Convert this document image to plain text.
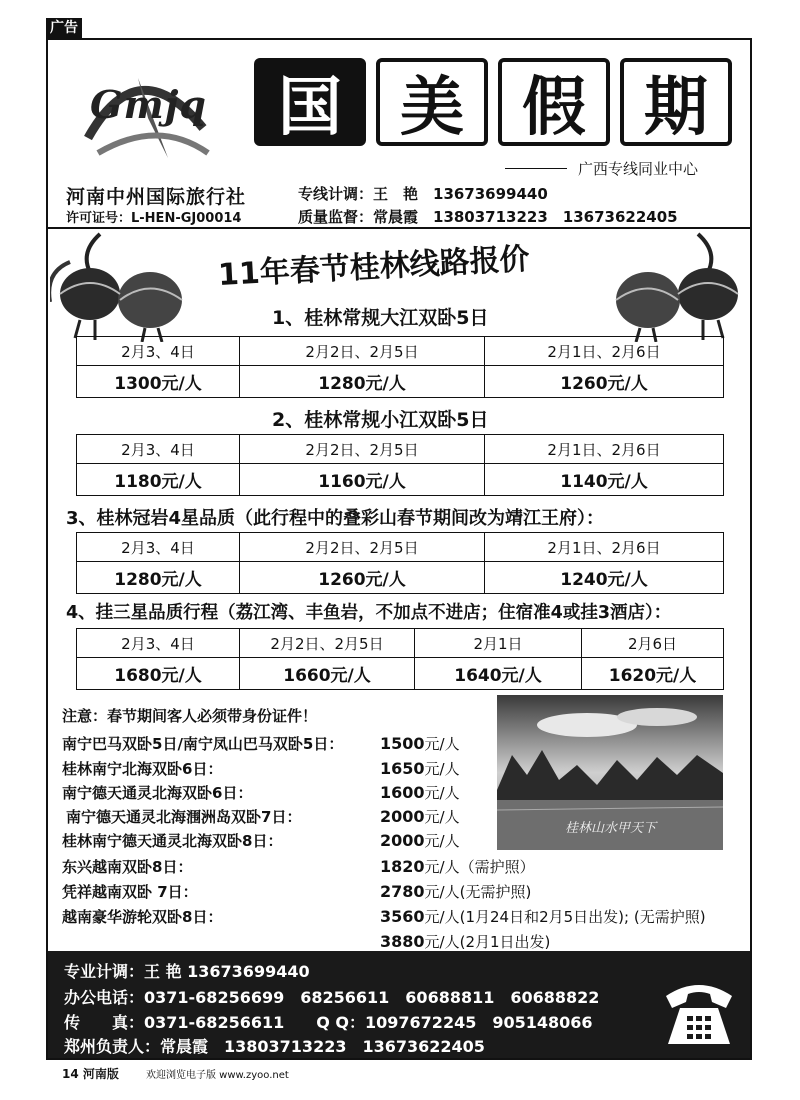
广告
Gmjq	国 美 假 期
广西专线同业中心
河南中州国际旅行社
许可证号：L-HEN-GJ00014
专线计调：王　艳　13673699440
质量监督：常晨霞　13803713223　13673622405
11年春节桂林线路报价
1、桂林常规大江双卧5日
2月3、4日	2月2日、2月5日	2月1日、2月6日
1300元/人	1280元/人	1260元/人
2、桂林常规小江双卧5日
2月3、4日	2月2日、2月5日	2月1日、2月6日
1180元/人	1160元/人	1140元/人
3、桂林冠岩4星品质（此行程中的叠彩山春节期间改为靖江王府）：
2月3、4日	2月2日、2月5日	2月1日、2月6日
1280元/人	1260元/人	1240元/人
4、挂三星品质行程（荔江湾、丰鱼岩，不加点不进店；住宿准4或挂3酒店）：
2月3、4日	2月2日、2月5日	2月1日	2月6日
1680元/人	1660元/人	1640元/人	1620元/人
注意：春节期间客人必须带身份证件！
南宁巴马双卧5日/南宁凤山巴马双卧5日： 1500元/人
桂林南宁北海双卧6日：	1650元/人
南宁德天通灵北海双卧6日：	1600元/人
南宁德天通灵北海涠洲岛双卧7日：	2000元/人
桂林南宁德天通灵北海双卧8日：	2000元/人
东兴越南双卧8日：	1820元/人（需护照）
凭祥越南双卧 7日：	2780元/人(无需护照)
越南豪华游轮双卧8日：	3560元/人(1月24日和2月5日出发); (无需护照)
3880元/人(2月1日出发)
桂林山水甲天下
专业计调：王 艳 13673699440
办公电话：0371-68256699　68256611　60688811　60688822
传　　真：0371-68256611　　Q Q：1097672245　905148066
郑州负责人：常晨霞　13803713223　13673622405
14 河南版	欢迎浏览电子版 www.zyoo.net
